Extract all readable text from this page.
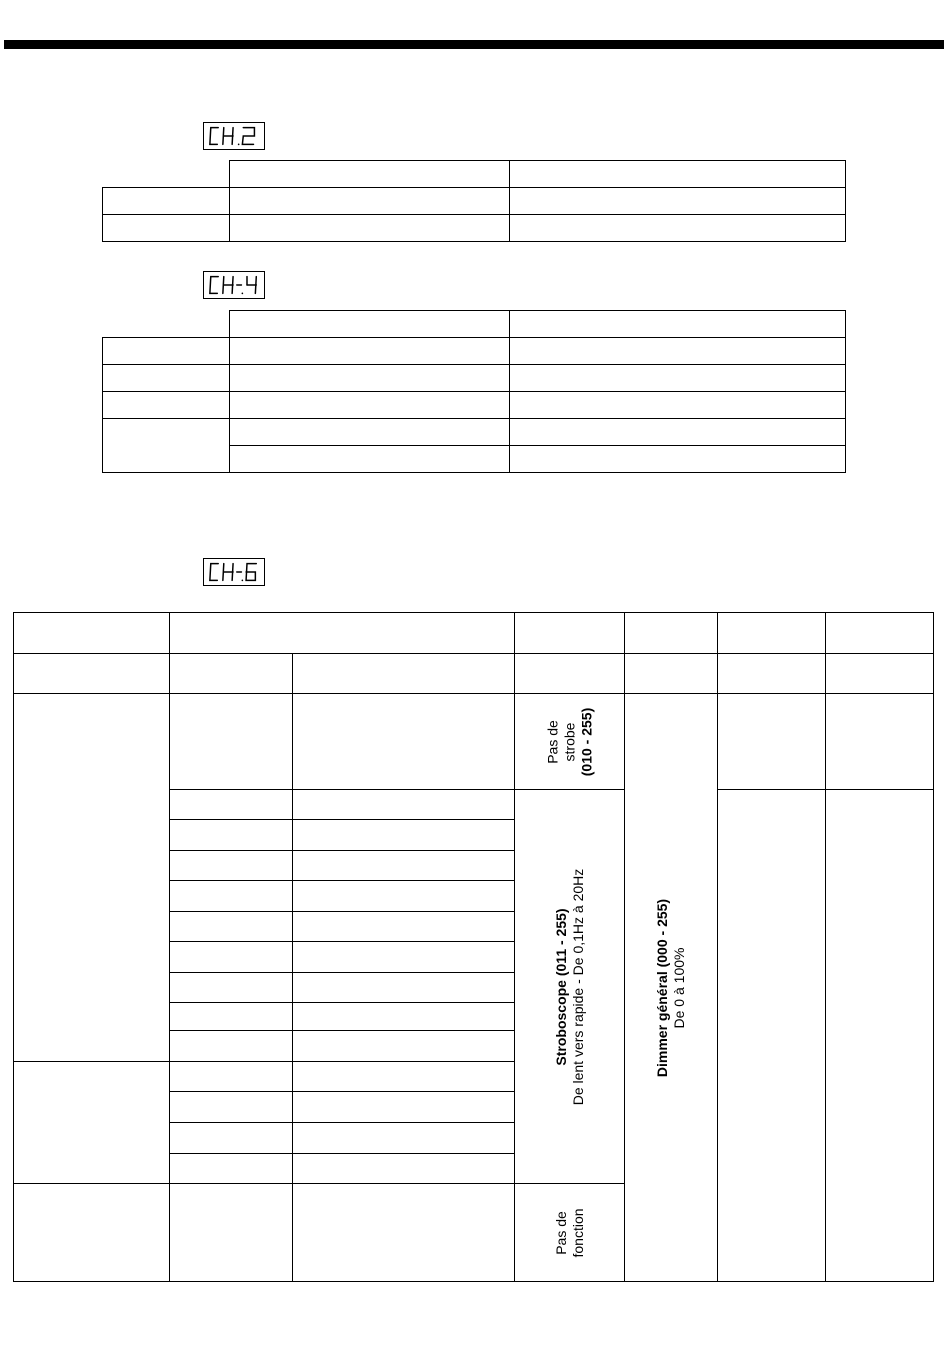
			Pas de strobe (010 - 255)	Dimmer général (000 - 255) De 0 à 100%		

			Stroboscope (011 - 255) De lent vers rapide - De 0,1Hz à 20Hz			

			Pas de fonction			
